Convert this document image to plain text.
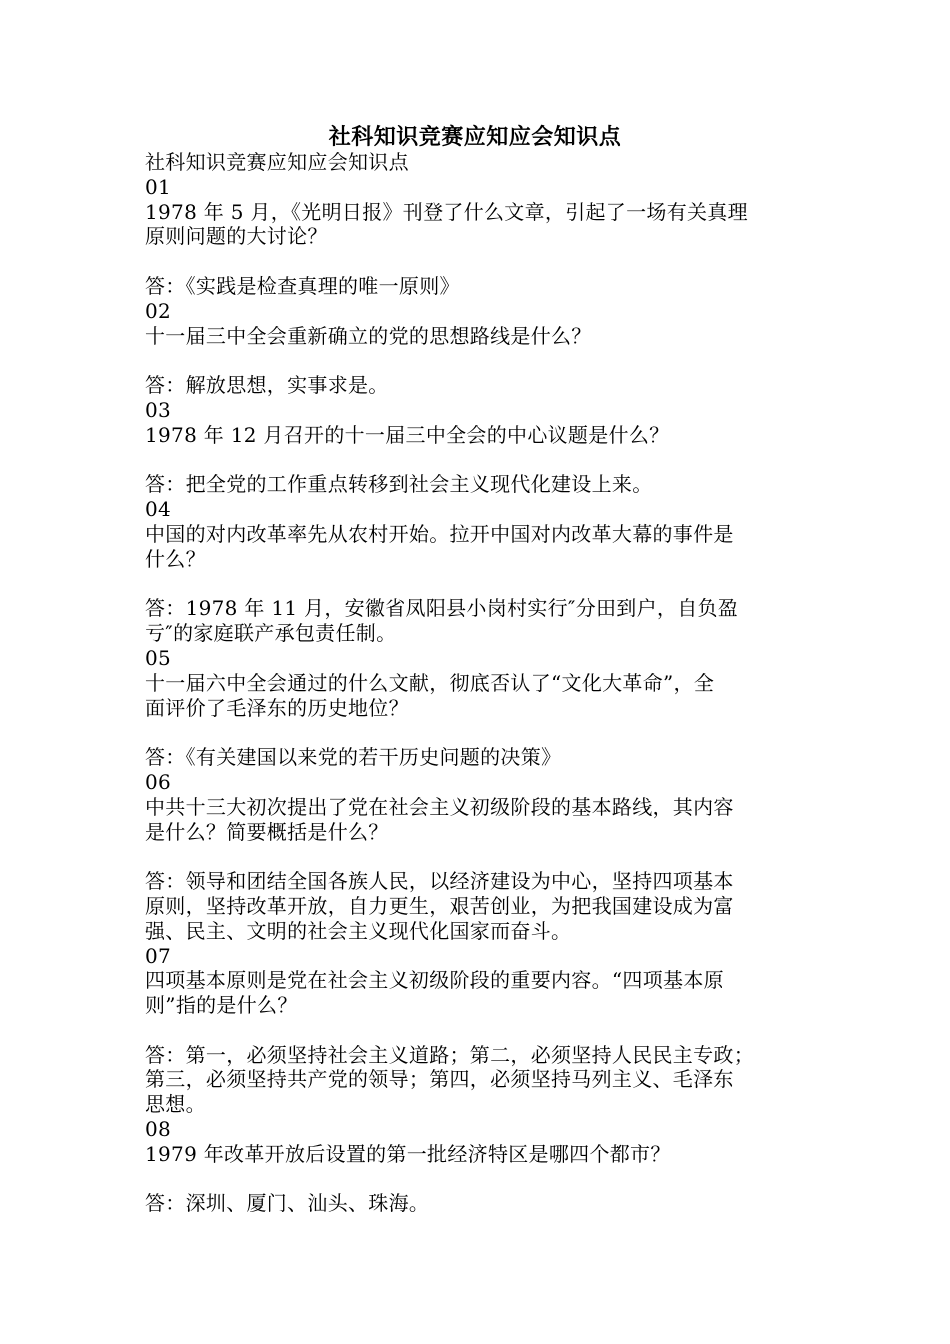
社科知识竞赛应知应会知识点
社科知识竞赛应知应会知识点
01
1978 年 5 月，《光明日报》刊登了什么文章，引起了一场有关真理
原则问题的大讨论？
答：《实践是检查真理的唯一原则》
02
十一届三中全会重新确立的党的思想路线是什么？
答：解放思想，实事求是。
03
1978 年 12 月召开的十一届三中全会的中心议题是什么？
答：把全党的工作重点转移到社会主义现代化建设上来。
04
中国的对内改革率先从农村开始。拉开中国对内改革大幕的事件是
什么？
答：1978 年 11 月，安徽省凤阳县小岗村实行″分田到户，自负盈
亏″的家庭联产承包责任制。
05
十一届六中全会通过的什么文献，彻底否认了“文化大革命”，全
面评价了毛泽东的历史地位？
答：《有关建国以来党的若干历史问题的决策》
06
中共十三大初次提出了党在社会主义初级阶段的基本路线，其内容
是什么？简要概括是什么？
答：领导和团结全国各族人民，以经济建设为中心，坚持四项基本
原则，坚持改革开放，自力更生，艰苦创业，为把我国建设成为富
强、民主、文明的社会主义现代化国家而奋斗。
07
四项基本原则是党在社会主义初级阶段的重要内容。“四项基本原
则”指的是什么？
答：第一，必须坚持社会主义道路；第二，必须坚持人民民主专政；
第三，必须坚持共产党的领导；第四，必须坚持马列主义、毛泽东
思想。
08
1979 年改革开放后设置的第一批经济特区是哪四个都市？
答：深圳、厦门、汕头、珠海。
